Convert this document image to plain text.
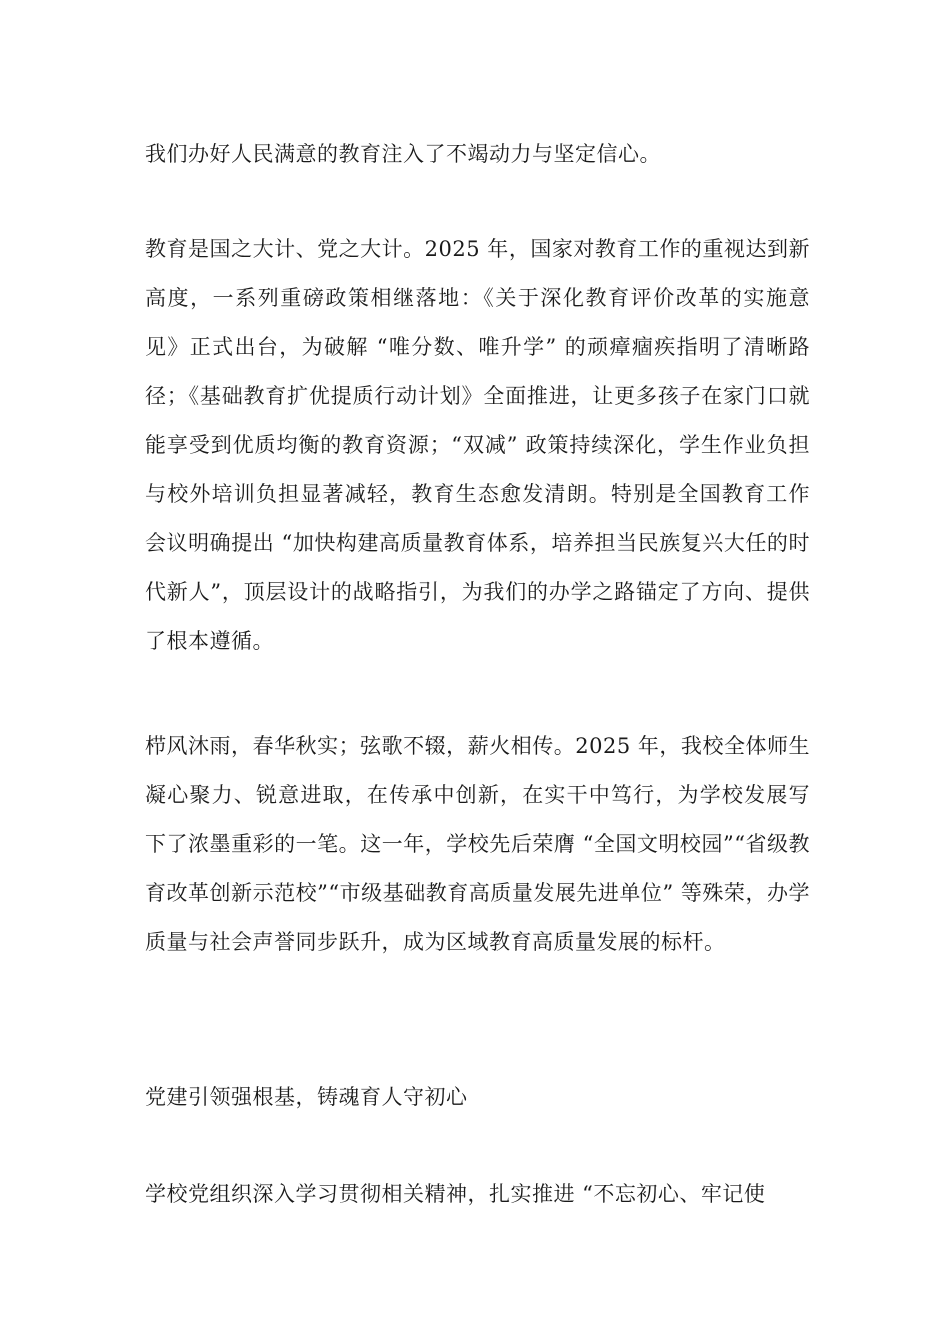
我们办好人民满意的教育注入了不竭动力与坚定信心。

教育是国之大计、党之大计。2025 年，国家对教育工作的重视达到新高度，一系列重磅政策相继落地：《关于深化教育评价改革的实施意见》正式出台，为破解 “唯分数、唯升学” 的顽瘴痼疾指明了清晰路径；《基础教育扩优提质行动计划》全面推进，让更多孩子在家门口就能享受到优质均衡的教育资源；“双减” 政策持续深化，学生作业负担与校外培训负担显著减轻，教育生态愈发清朗。特别是全国教育工作会议明确提出 “加快构建高质量教育体系，培养担当民族复兴大任的时代新人”，顶层设计的战略指引，为我们的办学之路锚定了方向、提供了根本遵循。

栉风沐雨，春华秋实；弦歌不辍，薪火相传。2025 年，我校全体师生凝心聚力、锐意进取，在传承中创新，在实干中笃行，为学校发展写下了浓墨重彩的一笔。这一年，学校先后荣膺 “全国文明校园”“省级教育改革创新示范校”“市级基础教育高质量发展先进单位” 等殊荣，办学质量与社会声誉同步跃升，成为区域教育高质量发展的标杆。

党建引领强根基，铸魂育人守初心

学校党组织深入学习贯彻相关精神，扎实推进 “不忘初心、牢记使
